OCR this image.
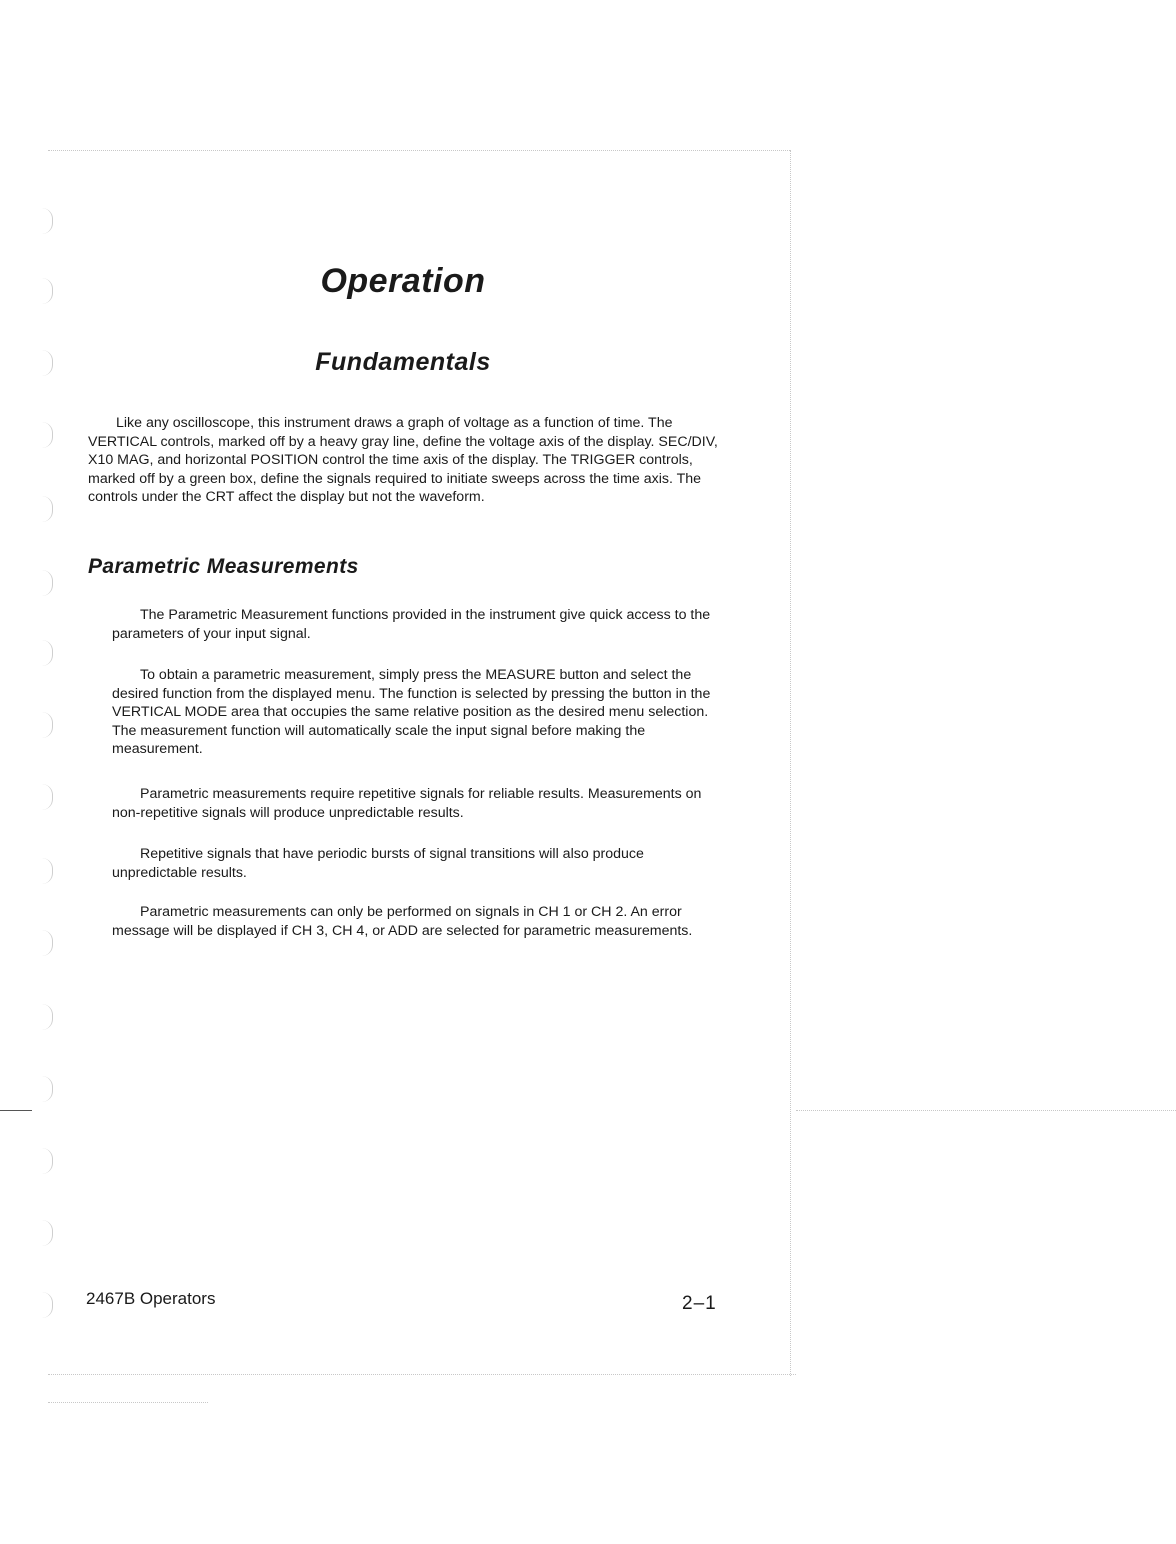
Operation
Fundamentals
Like any oscilloscope, this instrument draws a graph of voltage as a function of time. The VERTICAL controls, marked off by a heavy gray line, define the voltage axis of the display. SEC/DIV, X10 MAG, and horizontal POSITION control the time axis of the display. The TRIGGER controls, marked off by a green box, define the signals required to initiate sweeps across the time axis. The controls under the CRT affect the display but not the waveform.
Parametric Measurements
The Parametric Measurement functions provided in the instrument give quick access to the parameters of your input signal.
To obtain a parametric measurement, simply press the MEASURE button and select the desired function from the displayed menu. The function is selected by pressing the button in the VERTICAL MODE area that occupies the same relative position as the desired menu selection. The measurement function will automatically scale the input signal before making the measurement.
Parametric measurements require repetitive signals for reliable results. Measurements on non-repetitive signals will produce unpredictable results.
Repetitive signals that have periodic bursts of signal transitions will also produce unpredictable results.
Parametric measurements can only be performed on signals in CH 1 or CH 2. An error message will be displayed if CH 3, CH 4, or ADD are selected for parametric measurements.
2467B Operators	2–1
